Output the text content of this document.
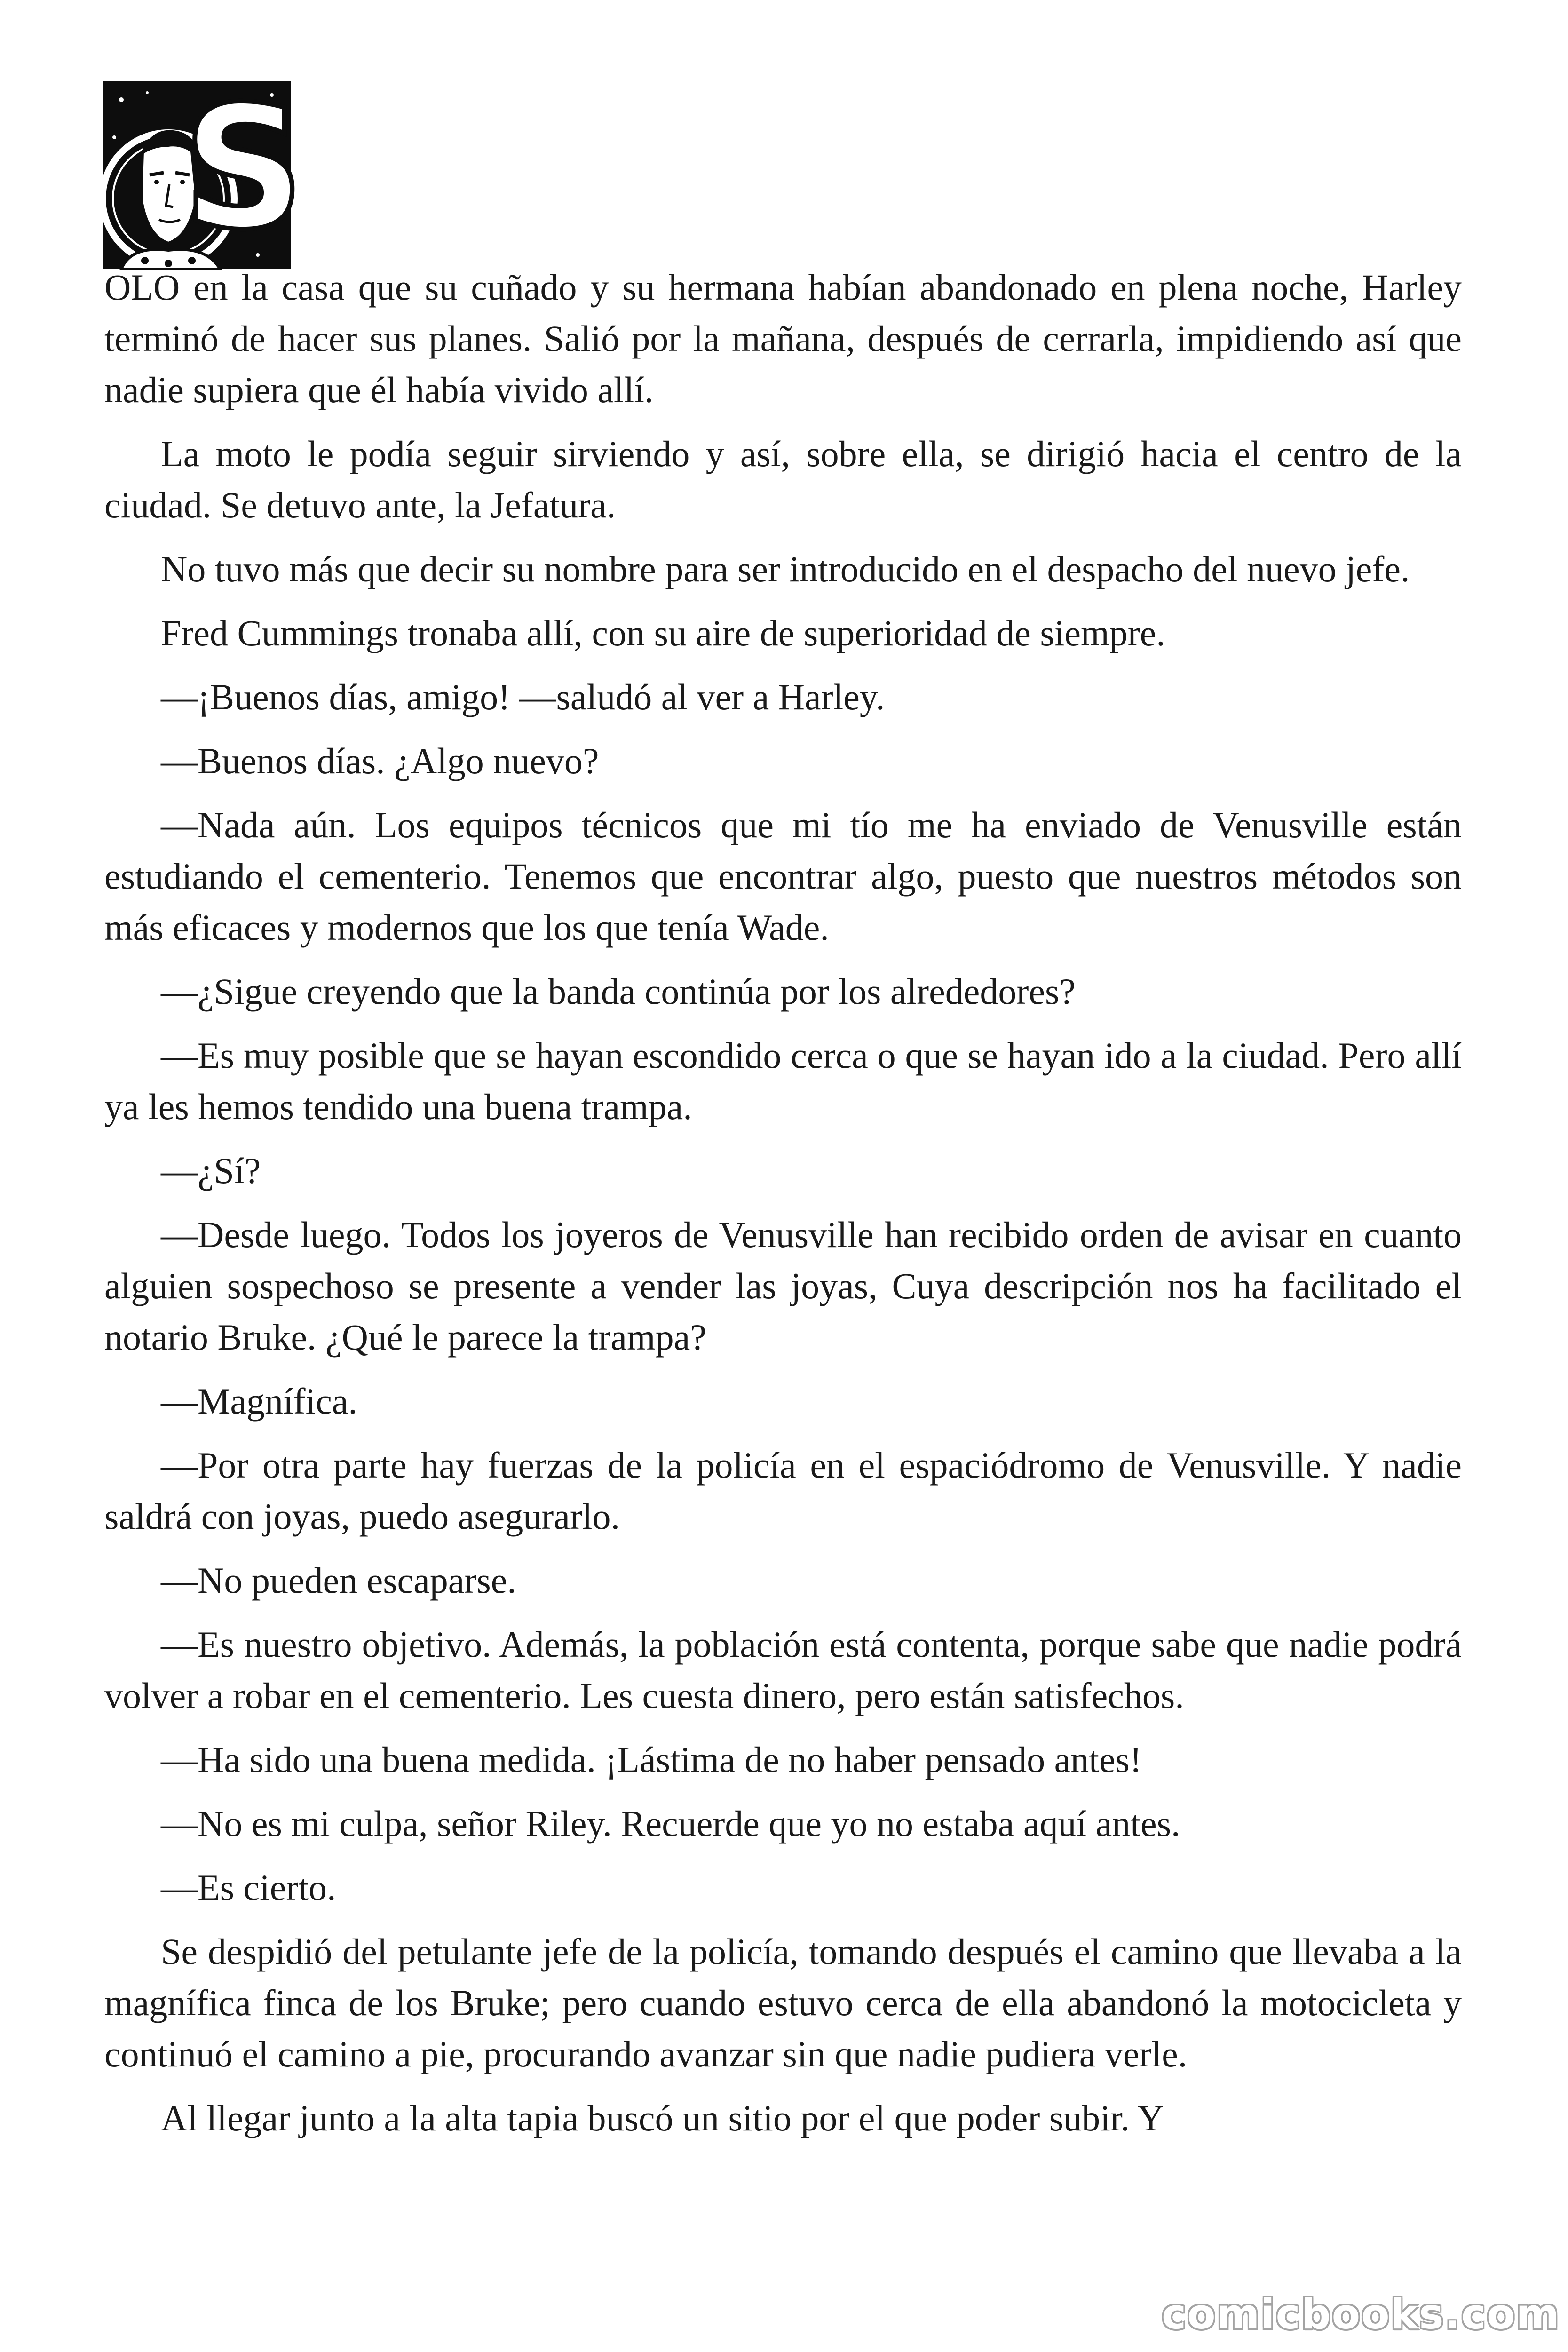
S

OLO en la casa que su cuñado y su hermana habían abandonado en plena noche, Harley terminó de hacer sus planes. Salió por la mañana, después de cerrarla, impidiendo así que nadie supiera que él había vivido allí.

La moto le podía seguir sirviendo y así, sobre ella, se dirigió hacia el centro de la ciudad. Se detuvo ante, la Jefatura.

No tuvo más que decir su nombre para ser introducido en el despacho del nuevo jefe.

Fred Cummings tronaba allí, con su aire de superioridad de siempre.

—¡Buenos días, amigo! —saludó al ver a Harley.

—Buenos días. ¿Algo nuevo?

—Nada aún. Los equipos técnicos que mi tío me ha enviado de Venusville están estudiando el cementerio. Tenemos que encontrar algo, puesto que nuestros métodos son más eficaces y modernos que los que tenía Wade.

—¿Sigue creyendo que la banda continúa por los alrededores?

—Es muy posible que se hayan escondido cerca o que se hayan ido a la ciudad. Pero allí ya les hemos tendido una buena trampa.

—¿Sí?

—Desde luego. Todos los joyeros de Venusville han recibido orden de avisar en cuanto alguien sospechoso se presente a vender las joyas, Cuya descripción nos ha facilitado el notario Bruke. ¿Qué le parece la trampa?

—Magnífica.

—Por otra parte hay fuerzas de la policía en el espaciódromo de Venusville. Y nadie saldrá con joyas, puedo asegurarlo.

—No pueden escaparse.

—Es nuestro objetivo. Además, la población está contenta, porque sabe que nadie podrá volver a robar en el cementerio. Les cuesta dinero, pero están satisfechos.

—Ha sido una buena medida. ¡Lástima de no haber pensado antes!

—No es mi culpa, señor Riley. Recuerde que yo no estaba aquí antes.

—Es cierto.

Se despidió del petulante jefe de la policía, tomando después el camino que llevaba a la magnífica finca de los Bruke; pero cuando estuvo cerca de ella abandonó la motocicleta y continuó el camino a pie, procurando avanzar sin que nadie pudiera verle.

Al llegar junto a la alta tapia buscó un sitio por el que poder subir. Y

comicbooks.com
